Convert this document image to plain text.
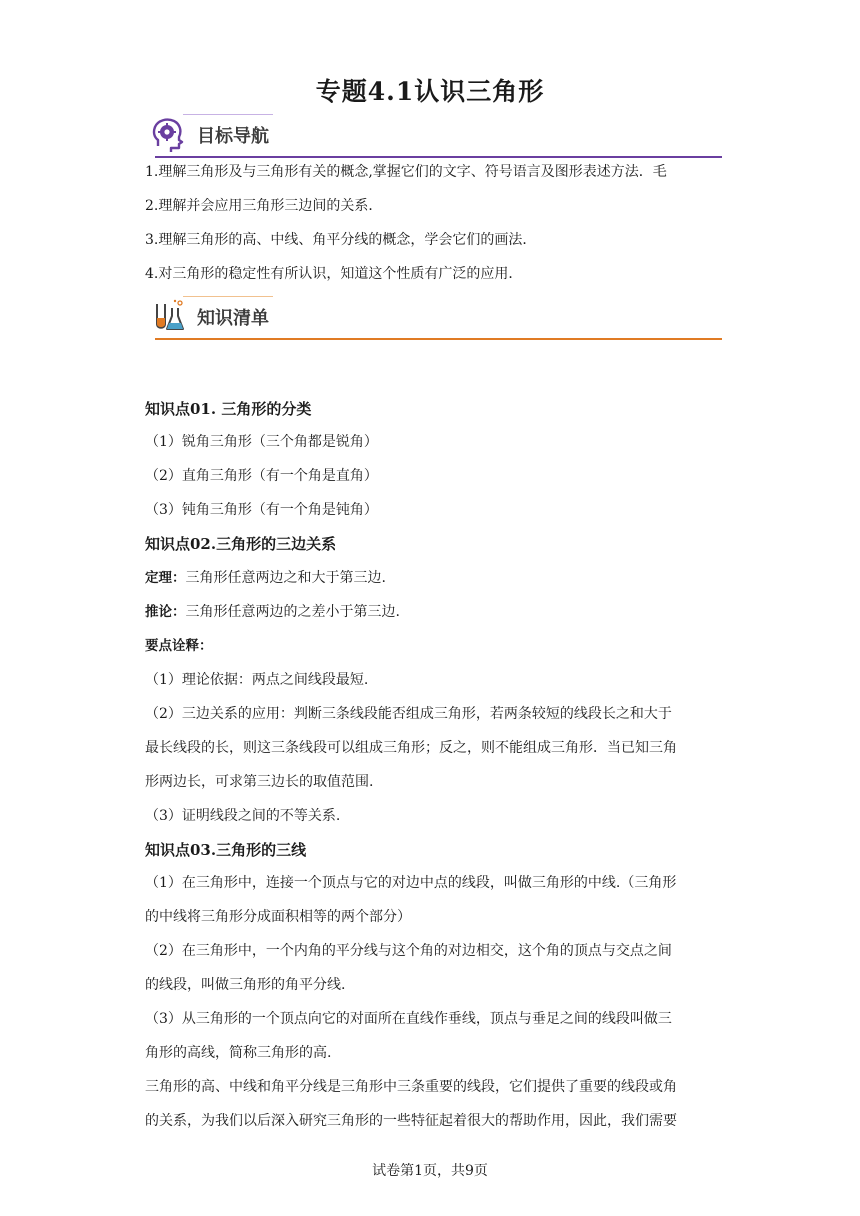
专题4.1认识三角形
目标导航
1.理解三角形及与三角形有关的概念,掌握它们的文字、符号语言及图形表述方法．毛
2.理解并会应用三角形三边间的关系．
3.理解三角形的高、中线、角平分线的概念，学会它们的画法．
4.对三角形的稳定性有所认识，知道这个性质有广泛的应用．
知识清单
知识点01. 三角形的分类
（1）锐角三角形（三个角都是锐角）
（2）直角三角形（有一个角是直角）
（3）钝角三角形（有一个角是钝角）
知识点02.三角形的三边关系
定理：三角形任意两边之和大于第三边.
推论：三角形任意两边的之差小于第三边.
要点诠释：
（1）理论依据：两点之间线段最短.
（2）三边关系的应用：判断三条线段能否组成三角形，若两条较短的线段长之和大于
最长线段的长，则这三条线段可以组成三角形；反之，则不能组成三角形．当已知三角
形两边长，可求第三边长的取值范围.
（3）证明线段之间的不等关系.
知识点03.三角形的三线
（1）在三角形中，连接一个顶点与它的对边中点的线段，叫做三角形的中线.（三角形
的中线将三角形分成面积相等的两个部分）
（2）在三角形中，一个内角的平分线与这个角的对边相交，这个角的顶点与交点之间
的线段，叫做三角形的角平分线.
（3）从三角形的一个顶点向它的对面所在直线作垂线，顶点与垂足之间的线段叫做三
角形的高线，简称三角形的高.
三角形的高、中线和角平分线是三角形中三条重要的线段，它们提供了重要的线段或角
的关系，为我们以后深入研究三角形的一些特征起着很大的帮助作用，因此，我们需要
试卷第1页，共9页
